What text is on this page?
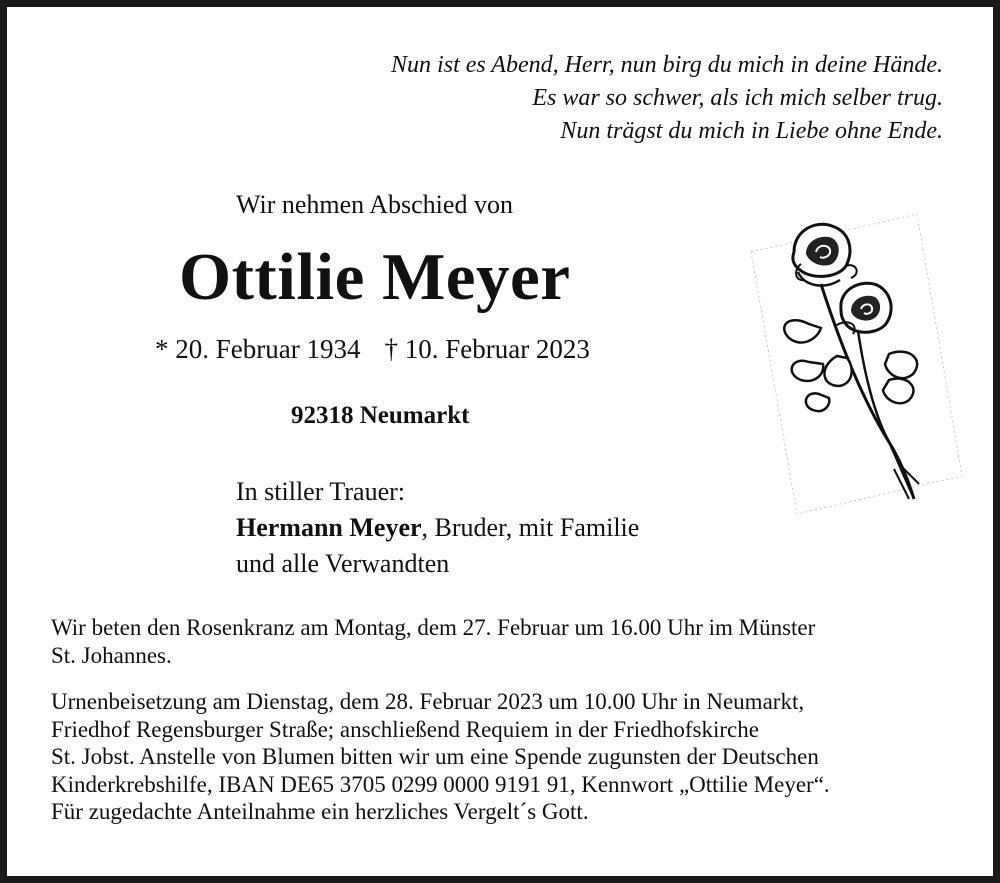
Nun ist es Abend, Herr, nun birg du mich in deine Hände.
Es war so schwer, als ich mich selber trug.
Nun trägst du mich in Liebe ohne Ende.
Wir nehmen Abschied von
Ottilie Meyer
* 20. Februar 1934 † 10. Februar 2023
92318 Neumarkt
In stiller Trauer:
Hermann Meyer, Bruder, mit Familie
und alle Verwandten
Wir beten den Rosenkranz am Montag, dem 27. Februar um 16.00 Uhr im Münster
St. Johannes.
Urnenbeisetzung am Dienstag, dem 28. Februar 2023 um 10.00 Uhr in Neumarkt,
Friedhof Regensburger Straße; anschließend Requiem in der Friedhofskirche
St. Jobst. Anstelle von Blumen bitten wir um eine Spende zugunsten der Deutschen
Kinderkrebshilfe, IBAN DE65 3705 0299 0000 9191 91, Kennwort „Ottilie Meyer“.
Für zugedachte Anteilnahme ein herzliches Vergelt´s Gott.
